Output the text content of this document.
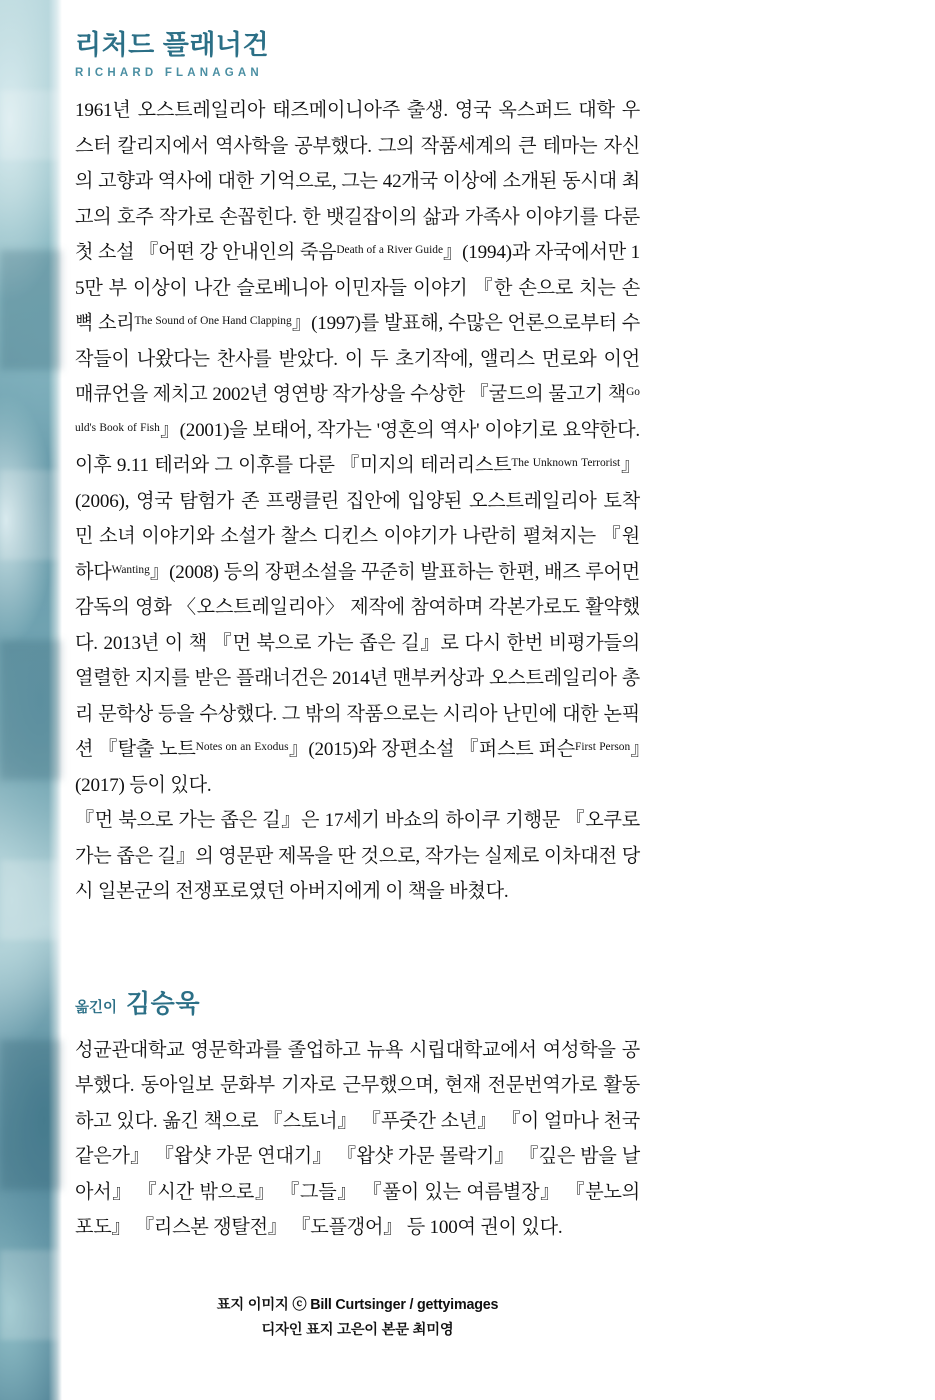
리처드 플래너건
RICHARD FLANAGAN

1961년 오스트레일리아 태즈메이니아주 출생. 영국 옥스퍼드 대학 우스터 칼리지에서 역사학을 공부했다. 그의 작품세계의 큰 테마는 자신의 고향과 역사에 대한 기억으로, 그는 42개국 이상에 소개된 동시대 최고의 호주 작가로 손꼽힌다. 한 뱃길잡이의 삶과 가족사 이야기를 다룬 첫 소설 『어떤 강 안내인의 죽음$^{Death of a River Guide}$』(1994)과 자국에서만 15만 부 이상이 나간 슬로베니아 이민자들 이야기 『한 손으로 치는 손뼉 소리$^{The Sound of One Hand Clapping}$』(1997)를 발표해, 수많은 언론으로부터 수작들이 나왔다는 찬사를 받았다. 이 두 초기작에, 앨리스 먼로와 이언 매큐언을 제치고 2002년 영연방 작가상을 수상한 『굴드의 물고기 책$^{Gould's Book of Fish}$』(2001)을 보태어, 작가는 '영혼의 역사' 이야기로 요약한다. 이후 9.11 테러와 그 이후를 다룬 『미지의 테러리스트$^{The Unknown Terrorist}$』(2006), 영국 탐험가 존 프랭클린 집안에 입양된 오스트레일리아 토착민 소녀 이야기와 소설가 찰스 디킨스 이야기가 나란히 펼쳐지는 『원하다$^{Wanting}$』(2008) 등의 장편소설을 꾸준히 발표하는 한편, 배즈 루어먼 감독의 영화 〈오스트레일리아〉 제작에 참여하며 각본가로도 활약했다. 2013년 이 책 『먼 북으로 가는 좁은 길』로 다시 한번 비평가들의 열렬한 지지를 받은 플래너건은 2014년 맨부커상과 오스트레일리아 총리 문학상 등을 수상했다. 그 밖의 작품으로는 시리아 난민에 대한 논픽션 『탈출 노트$^{Notes on an Exodus}$』(2015)와 장편소설 『퍼스트 퍼슨$^{First Person}$』(2017) 등이 있다.

『먼 북으로 가는 좁은 길』은 17세기 바쇼의 하이쿠 기행문 『오쿠로 가는 좁은 길』의 영문판 제목을 딴 것으로, 작가는 실제로 이차대전 당시 일본군의 전쟁포로였던 아버지에게 이 책을 바쳤다.

옮긴이 김승욱

성균관대학교 영문학과를 졸업하고 뉴욕 시립대학교에서 여성학을 공부했다. 동아일보 문화부 기자로 근무했으며, 현재 전문번역가로 활동하고 있다. 옮긴 책으로 『스토너』 『푸줏간 소년』 『이 얼마나 천국 같은가』 『왑샷 가문 연대기』 『왑샷 가문 몰락기』 『깊은 밤을 날아서』 『시간 밖으로』 『그들』 『풀이 있는 여름별장』 『분노의 포도』 『리스본 쟁탈전』 『도플갱어』 등 100여 권이 있다.

표지 이미지 ⓒ Bill Curtsinger / gettyimages
디자인 표지 고은이 본문 최미영
